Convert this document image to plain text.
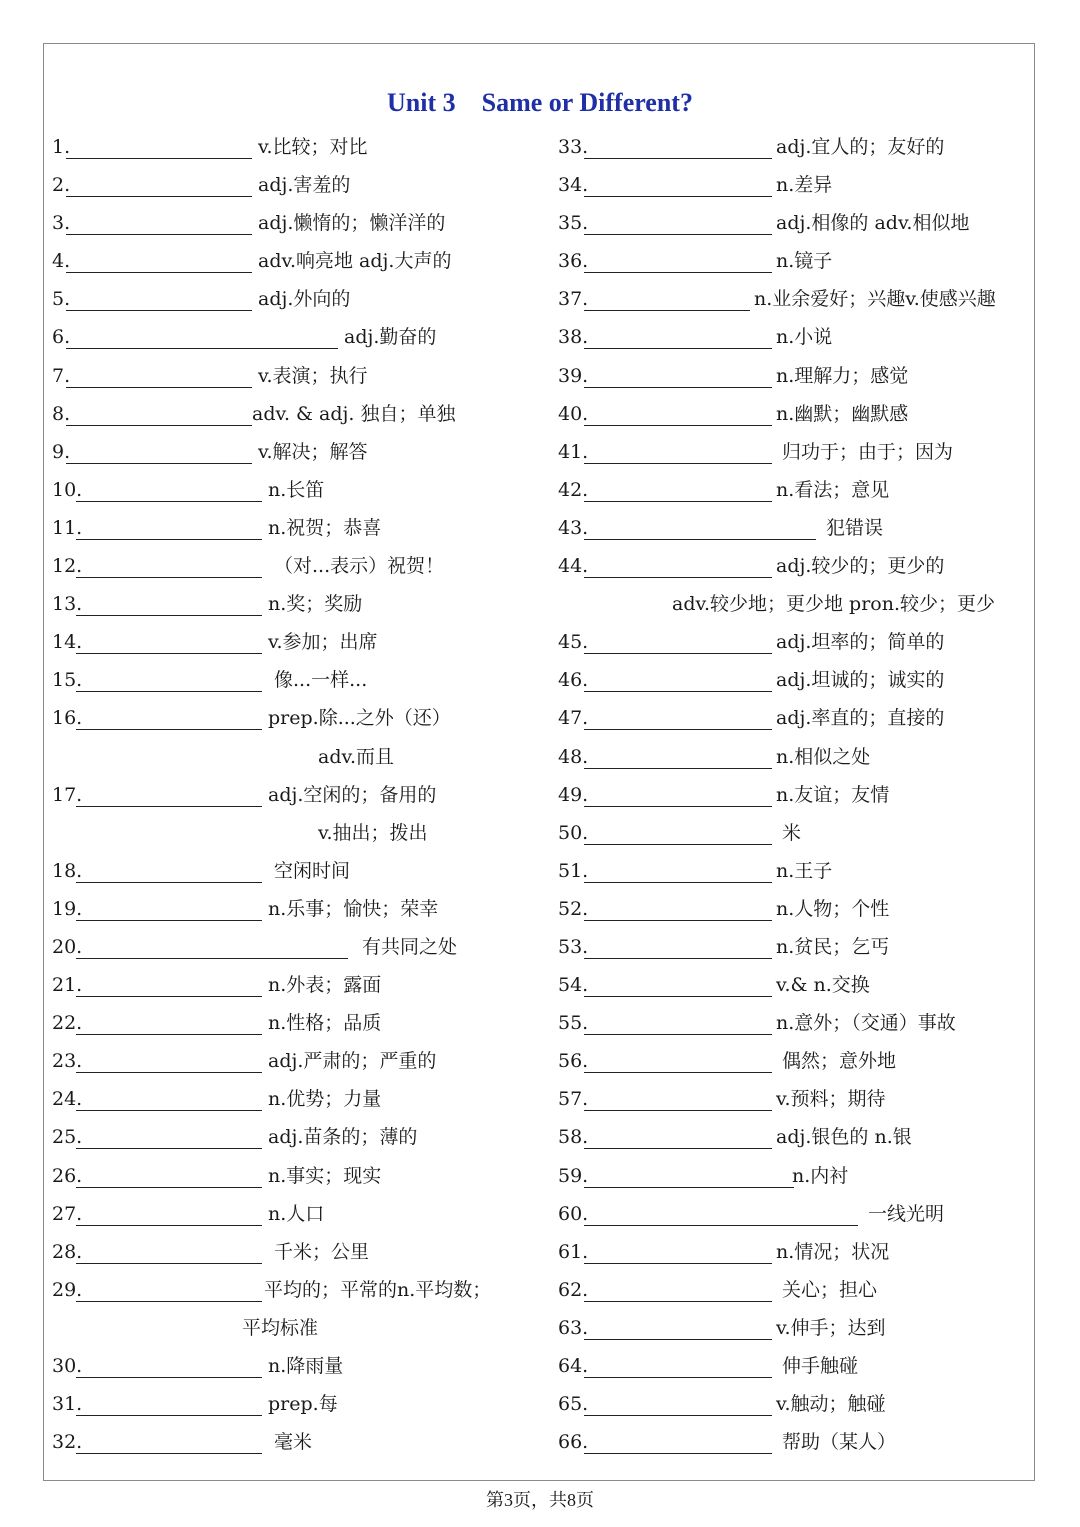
Unit 3    Same or Different?
1.	v.比较；对比
2.	adj.害羞的
3.	adj.懒惰的；懒洋洋的
4.	adv.响亮地 adj.大声的
5.	adj.外向的
6.	adj.勤奋的
7.	v.表演；执行
8.	adv. & adj. 独自；单独
9.	v.解决；解答
10.	n.长笛
11.	n.祝贺；恭喜
12.	（对...表示）祝贺！
13.	n.奖；奖励
14.	v.参加；出席
15.	像...一样...
16.	prep.除...之外（还）
adv.而且
17.	adj.空闲的；备用的
v.抽出；拨出
18.	空闲时间
19.	n.乐事；愉快；荣幸
20.	有共同之处
21.	n.外表；露面
22.	n.性格；品质
23.	adj.严肃的；严重的
24.	n.优势；力量
25.	adj.苗条的；薄的
26.	n.事实；现实
27.	n.人口
28.	千米；公里
29.	平均的；平常的n.平均数；
平均标准
30.	n.降雨量
31.	prep.每
32.	毫米
33.	adj.宜人的；友好的
34.	n.差异
35.	adj.相像的 adv.相似地
36.	n.镜子
37.	n.业余爱好；兴趣v.使感兴趣
38.	n.小说
39.	n.理解力；感觉
40.	n.幽默；幽默感
41.	归功于；由于；因为
42.	n.看法；意见
43.	犯错误
44.	adj.较少的；更少的
adv.较少地；更少地 pron.较少；更少
45.	adj.坦率的；简单的
46.	adj.坦诚的；诚实的
47.	adj.率直的；直接的
48.	n.相似之处
49.	n.友谊；友情
50.	米
51.	n.王子
52.	n.人物；个性
53.	n.贫民；乞丐
54.	v.& n.交换
55.	n.意外；（交通）事故
56.	偶然；意外地
57.	v.预料；期待
58.	adj.银色的 n.银
59.	n.内衬
60.	一线光明
61.	n.情况；状况
62.	关心；担心
63.	v.伸手；达到
64.	伸手触碰
65.	v.触动；触碰
66.	帮助（某人）
第3页，共8页
